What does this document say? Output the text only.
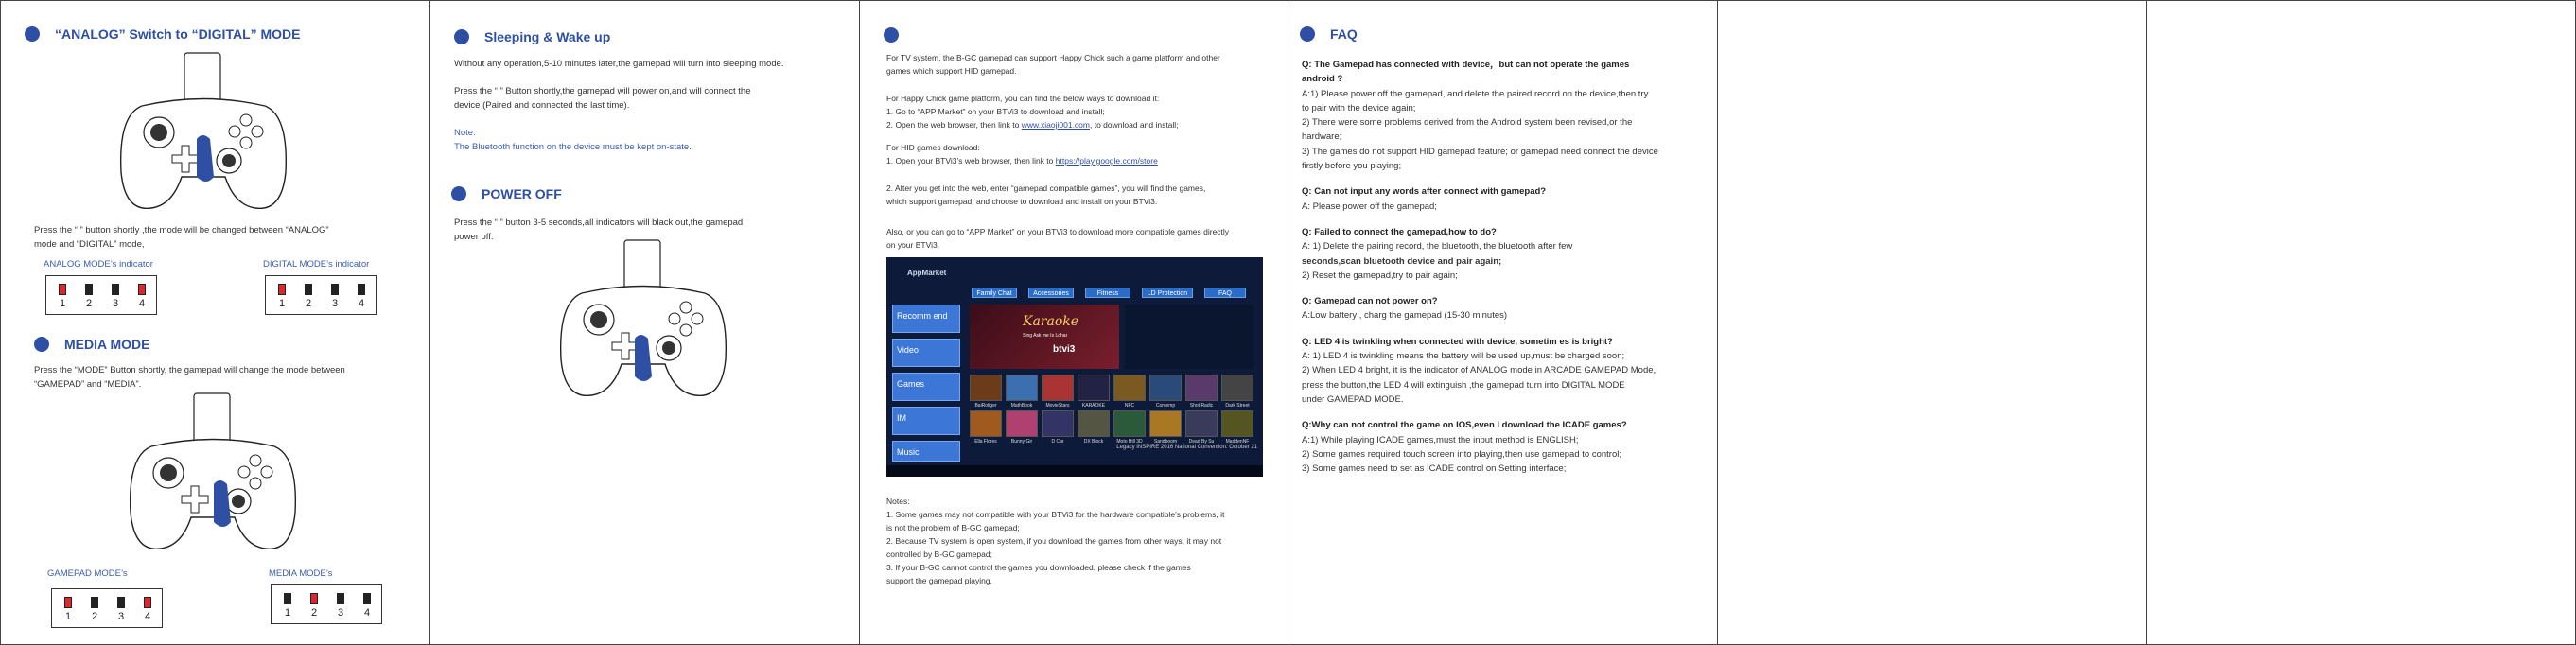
“ANALOG” Switch to “DIGITAL” MODE
Press the “ ” button shortly ,the mode will be changed between “ANALOG”
mode and “DIGITAL” mode,
ANALOG MODE’s indicator	DIGITAL MODE’s indicator
1 2 3 4	1 2 3 4
MEDIA MODE
Press the “MODE” Button shortly, the gamepad will change the mode between
“GAMEPAD” and “MEDIA”.
GAMEPAD MODE’s	MEDIA MODE’s
1 2 3 4	1 2 3 4
Sleeping & Wake up
Without any operation,5-10 minutes later,the gamepad will turn into sleeping mode.
Press the “ ” Button shortly,the gamepad will power on,and will connect the
device (Paired and connected the last time).
Note:
The Bluetooth function on the device must be kept on-state.
POWER OFF
Press the “ ” button 3-5 seconds,all indicators will black out,the gamepad
power off.
For TV system, the B-GC gamepad can support Happy Chick such a game platform and other
games which support HID gamepad.
For Happy Chick game platform, you can find the below ways to download it:
1. Go to “APP Market” on your BTVi3 to download and install;
2. Open the web browser, then link to www.xiaoji001.com, to download and install;
For HID games download:
1. Open your BTVi3’s web browser, then link to https://play.google.com/store
2. After you get into the web, enter “gamepad compatible games”, you will find the games,
which support gamepad, and choose to download and install on your BTVi3.
Also, or you can go to “APP Market” on your BTVi3 to download more compatible games directly
on your BTVi3.
AppMarket
Family Chat	Accessories	Fitness	LD Protection	FAQ
Recomm end
Video
Games
IM
Music
Karaoke
Sing Ask me Is Lohar
btvi3
BaiRoliger	MathBook	MovieStars	KARAOKE	NFC	Contemp	Shot Radic	Dark Street
Ella Flores	Bunny Gir	D Car	DX Block	Moto Hill 3D	Sandboom	Dead By Su	MaddenNF
Legacy INSPIRE 2016 National Convention: October 21
Notes:
1. Some games may not compatible with your BTVi3 for the hardware compatible’s problems, it
is not the problem of B-GC gamepad;
2. Because TV system is open system, if you download the games from other ways, it may not
controlled by B-GC gamepad;
3. If your B-GC cannot control the games you downloaded, please check if the games
support the gamepad playing.
FAQ
Q: The Gamepad has connected with device，but can not operate the games
android ?
A:1) Please power off the gamepad, and delete the paired record on the device,then try
to pair with the device again;
2) There were some problems derived from the Android system been revised,or the
hardware;
3) The games do not support HID gamepad feature; or gamepad need connect the device
firstly before you playing;
Q: Can not input any words after connect with gamepad?
A: Please power off the gamepad;
Q: Failed to connect the gamepad,how to do?
A: 1) Delete the pairing record, the bluetooth, the bluetooth after few
seconds,scan bluetooth device and pair again;
2) Reset the gamepad,try to pair again;
Q: Gamepad can not power on?
A:Low battery , charg the gamepad (15-30 minutes)
Q: LED 4 is twinkling when connected with device, sometim es is bright?
A: 1) LED 4 is twinkling means the battery will be used up,must be charged soon;
2) When LED 4 bright, it is the indicator of ANALOG mode in ARCADE GAMEPAD Mode,
press the button,the LED 4 will extinguish ,the gamepad turn into DIGITAL MODE
under GAMEPAD MODE.
Q:Why can not control the game on IOS,even I download the ICADE games?
A:1) While playing ICADE games,must the input method is ENGLISH;
2) Some games required touch screen into playing,then use gamepad to control;
3) Some games need to set as ICADE control on Setting interface;
